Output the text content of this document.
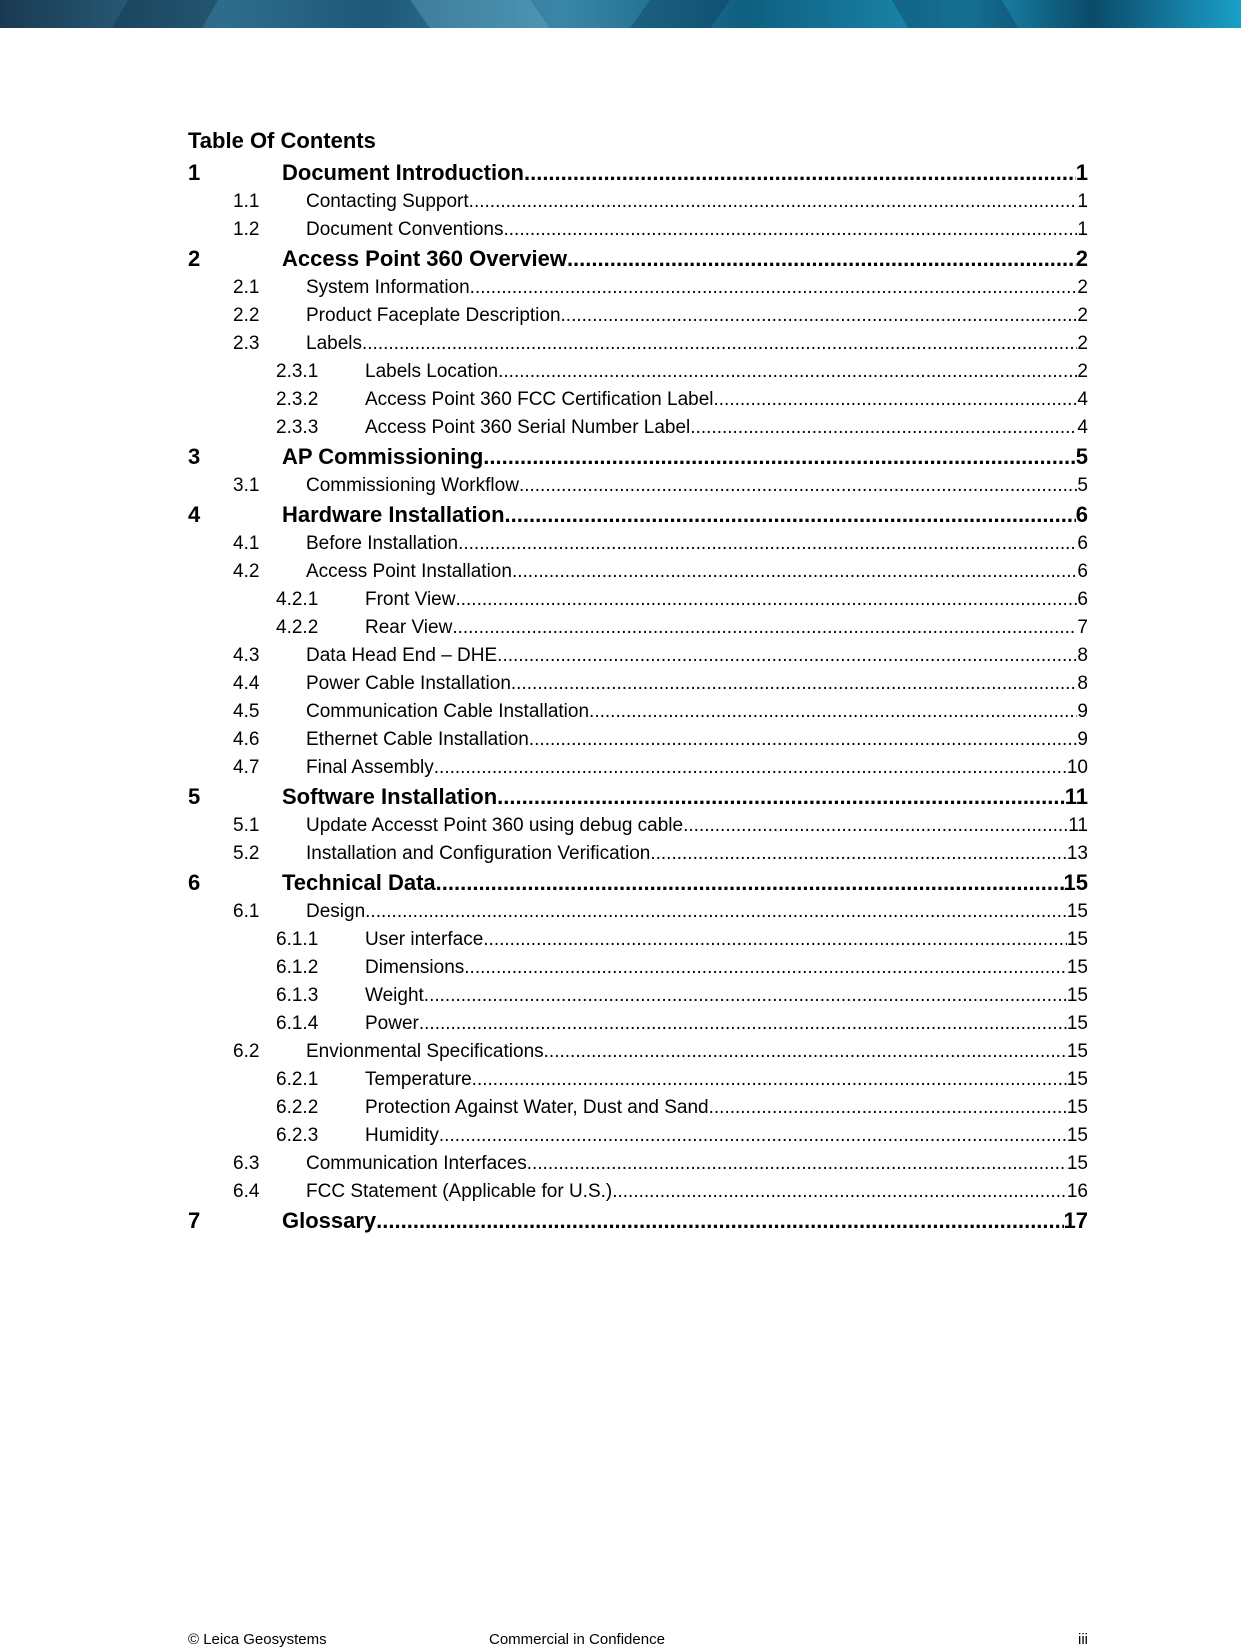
Table Of Contents
1	Document Introduction .....	1
1.1	Contacting Support .....	1
1.2	Document Conventions .....	1
2	Access Point 360 Overview .....	2
2.1	System Information .....	2
2.2	Product Faceplate Description .....	2
2.3	Labels .....	2
2.3.1	Labels Location .....	2
2.3.2	Access Point 360 FCC Certification Label .....	4
2.3.3	Access Point 360 Serial Number Label .....	4
3	AP Commissioning .....	5
3.1	Commissioning Workflow .....	5
4	Hardware Installation .....	6
4.1	Before Installation .....	6
4.2	Access Point Installation .....	6
4.2.1	Front View .....	6
4.2.2	Rear View .....	7
4.3	Data Head End – DHE .....	8
4.4	Power Cable Installation .....	8
4.5	Communication Cable Installation .....	9
4.6	Ethernet Cable Installation .....	9
4.7	Final Assembly .....	10
5	Software Installation .....	11
5.1	Update Accesst Point 360 using debug cable .....	11
5.2	Installation and Configuration Verification .....	13
6	Technical Data .....	15
6.1	Design .....	15
6.1.1	User interface .....	15
6.1.2	Dimensions .....	15
6.1.3	Weight .....	15
6.1.4	Power .....	15
6.2	Envionmental Specifications .....	15
6.2.1	Temperature .....	15
6.2.2	Protection Against Water, Dust and Sand .....	15
6.2.3	Humidity .....	15
6.3	Communication Interfaces .....	15
6.4	FCC Statement (Applicable for U.S.) .....	16
7	Glossary .....	17
© Leica Geosystems	Commercial in Confidence	iii
